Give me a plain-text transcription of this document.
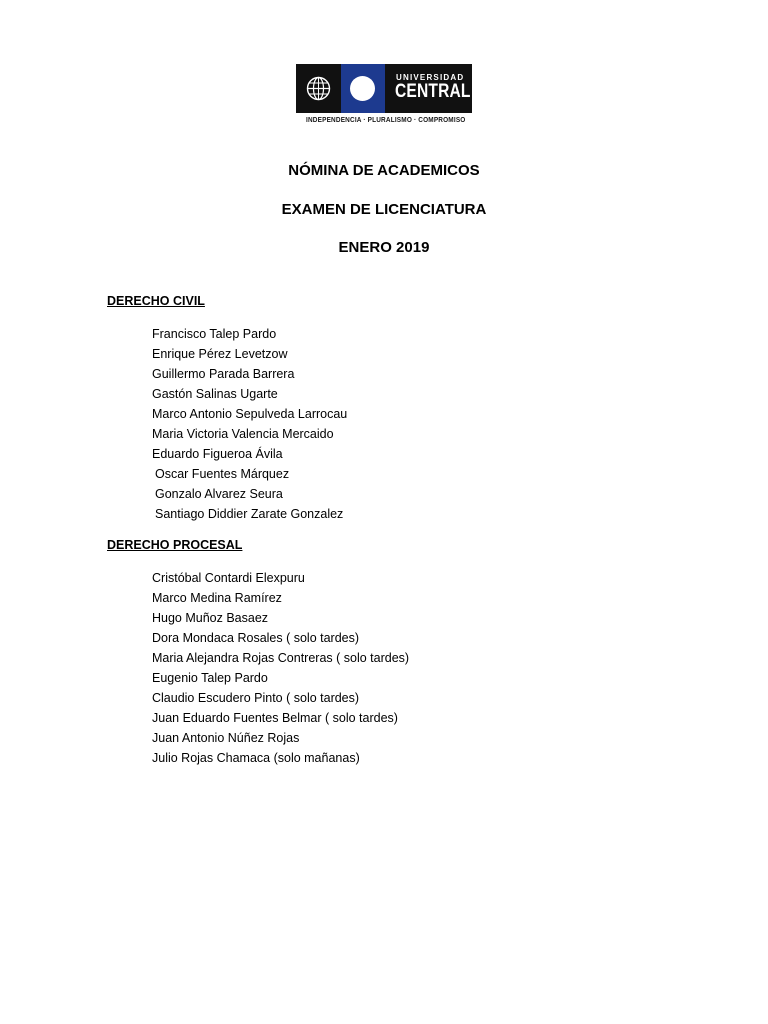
UNIVERSIDAD
CENTRAL
INDEPENDENCIA · PLURALISMO · COMPROMISO
NÓMINA DE ACADEMICOS
EXAMEN DE LICENCIATURA
ENERO 2019
DERECHO CIVIL
Francisco Talep Pardo
Enrique Pérez Levetzow
Guillermo Parada Barrera
Gastón Salinas Ugarte
Marco Antonio Sepulveda Larrocau
Maria Victoria Valencia Mercaido
Eduardo Figueroa Ávila
Oscar Fuentes Márquez
Gonzalo Alvarez Seura
Santiago Diddier Zarate Gonzalez
DERECHO PROCESAL
Cristóbal Contardi Elexpuru
Marco Medina Ramírez
Hugo Muñoz Basaez
Dora Mondaca Rosales ( solo tardes)
Maria Alejandra Rojas Contreras ( solo tardes)
Eugenio Talep Pardo
Claudio Escudero Pinto ( solo tardes)
Juan Eduardo Fuentes Belmar ( solo tardes)
Juan Antonio Núñez Rojas
Julio Rojas Chamaca (solo mañanas)
